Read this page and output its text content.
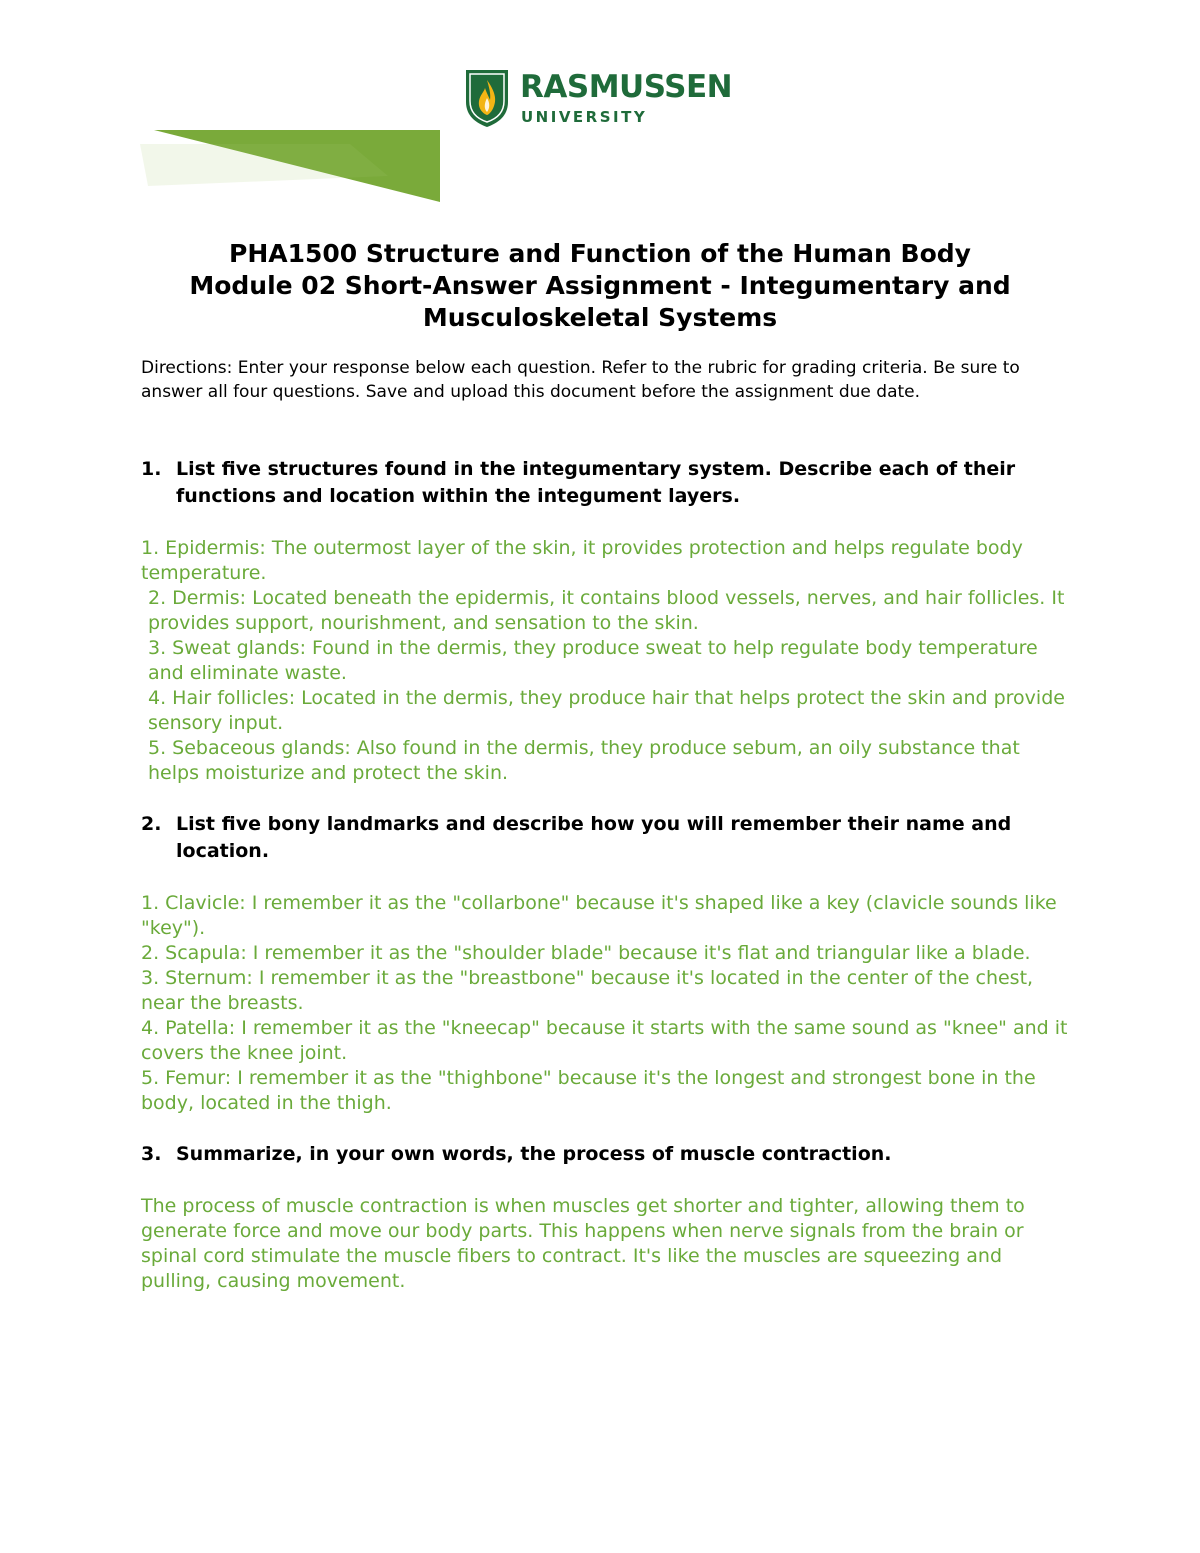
RASMUSSEN
UNIVERSITY
PHA1500 Structure and Function of the Human Body
Module 02 Short-Answer Assignment - Integumentary and
Musculoskeletal Systems

Directions: Enter your response below each question. Refer to the rubric for grading criteria. Be sure to answer all four questions. Save and upload this document before the assignment due date.

1. List five structures found in the integumentary system. Describe each of their functions and location within the integument layers.
1. Epidermis: The outermost layer of the skin, it provides protection and helps regulate body temperature.
2. Dermis: Located beneath the epidermis, it contains blood vessels, nerves, and hair follicles. It provides support, nourishment, and sensation to the skin.
3. Sweat glands: Found in the dermis, they produce sweat to help regulate body temperature and eliminate waste.
4. Hair follicles: Located in the dermis, they produce hair that helps protect the skin and provide sensory input.
5. Sebaceous glands: Also found in the dermis, they produce sebum, an oily substance that helps moisturize and protect the skin.
2. List five bony landmarks and describe how you will remember their name and location.
1. Clavicle: I remember it as the "collarbone" because it's shaped like a key (clavicle sounds like "key").
2. Scapula: I remember it as the "shoulder blade" because it's flat and triangular like a blade.
3. Sternum: I remember it as the "breastbone" because it's located in the center of the chest, near the breasts.
4. Patella: I remember it as the "kneecap" because it starts with the same sound as "knee" and it covers the knee joint.
5. Femur: I remember it as the "thighbone" because it's the longest and strongest bone in the body, located in the thigh.
3. Summarize, in your own words, the process of muscle contraction.
The process of muscle contraction is when muscles get shorter and tighter, allowing them to generate force and move our body parts. This happens when nerve signals from the brain or spinal cord stimulate the muscle fibers to contract. It's like the muscles are squeezing and pulling, causing movement.
